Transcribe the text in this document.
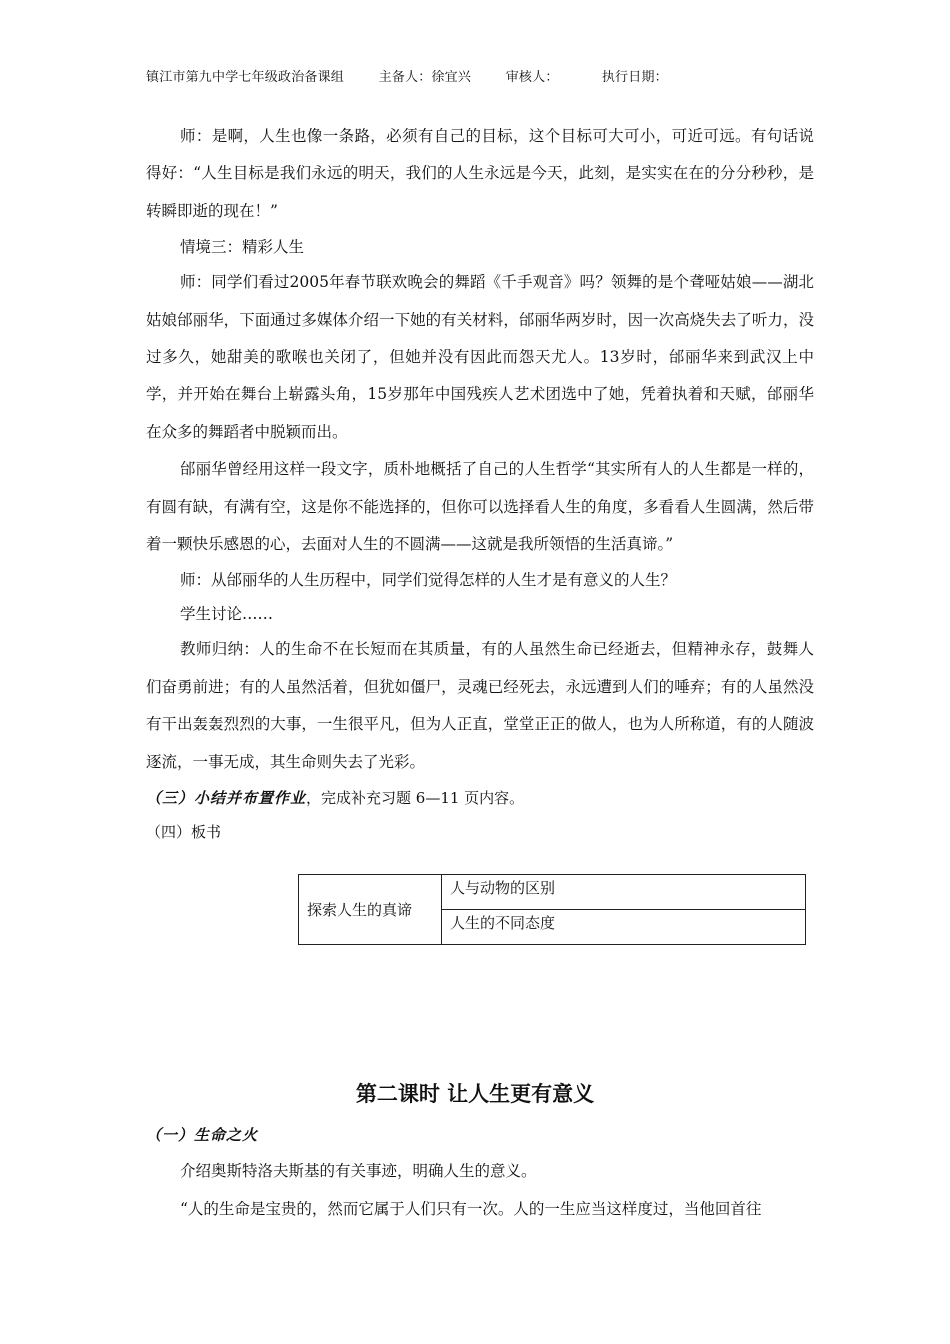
镇江市第九中学七年级政治备课组        主备人：徐宜兴        审核人：          执行日期：

师：是啊，人生也像一条路，必须有自己的目标，这个目标可大可小，可近可远。有句话说得好：“人生目标是我们永远的明天，我们的人生永远是今天，此刻，是实实在在的分分秒秒，是转瞬即逝的现在！”

情境三：精彩人生

师：同学们看过2005年春节联欢晚会的舞蹈《千手观音》吗？领舞的是个聋哑姑娘——湖北姑娘邰丽华，下面通过多媒体介绍一下她的有关材料，邰丽华两岁时，因一次高烧失去了听力，没过多久，她甜美的歌喉也关闭了，但她并没有因此而怨天尤人。13岁时，邰丽华来到武汉上中学，并开始在舞台上崭露头角，15岁那年中国残疾人艺术团选中了她，凭着执着和天赋，邰丽华在众多的舞蹈者中脱颖而出。

邰丽华曾经用这样一段文字，质朴地概括了自己的人生哲学“其实所有人的人生都是一样的，有圆有缺，有满有空，这是你不能选择的，但你可以选择看人生的角度，多看看人生圆满，然后带着一颗快乐感恩的心，去面对人生的不圆满——这就是我所领悟的生活真谛。”

师：从邰丽华的人生历程中，同学们觉得怎样的人生才是有意义的人生？

学生讨论……

教师归纳：人的生命不在长短而在其质量，有的人虽然生命已经逝去，但精神永存，鼓舞人们奋勇前进；有的人虽然活着，但犹如僵尸，灵魂已经死去，永远遭到人们的唾弃；有的人虽然没有干出轰轰烈烈的大事，一生很平凡，但为人正直，堂堂正正的做人，也为人所称道，有的人随波逐流，一事无成，其生命则失去了光彩。

（三）小结并布置作业，完成补充习题 6—11 页内容。

（四）板书

探索人生的真谛	人与动物的区别
人生的不同态度
第二课时 让人生更有意义

（一）生命之火

介绍奥斯特洛夫斯基的有关事迹，明确人生的意义。

“人的生命是宝贵的，然而它属于人们只有一次。人的一生应当这样度过，当他回首往
